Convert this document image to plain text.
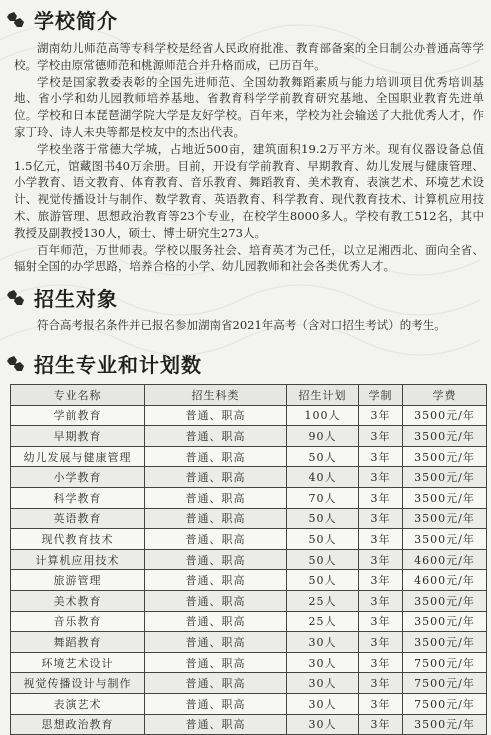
学校简介

湖南幼儿师范高等专科学校是经省人民政府批准、教育部备案的全日制公办普通高等学校。学校由原常德师范和桃源师范合并升格而成，已历百年。

学校是国家教委表彰的全国先进师范、全国幼教舞蹈素质与能力培训项目优秀培训基地、省小学和幼儿园教师培养基地、省教育科学学前教育研究基地、全国职业教育先进单位。学校和日本琵琶湖学院大学是友好学校。百年来，学校为社会输送了大批优秀人才，作家丁玲、诗人未央等都是校友中的杰出代表。

学校坐落于常德大学城，占地近500亩，建筑面积19.2万平方米。现有仪器设备总值1.5亿元，馆藏图书40万余册。目前，开设有学前教育、早期教育、幼儿发展与健康管理、小学教育、语文教育、体育教育、音乐教育、舞蹈教育、美术教育、表演艺术、环境艺术设计、视觉传播设计与制作、数学教育、英语教育、科学教育、现代教育技术、计算机应用技术、旅游管理、思想政治教育等23个专业，在校学生8000多人。学校有教工512名，其中教授及副教授130人，硕士、博士研究生273人。

百年师范，万世师表。学校以服务社会、培育英才为己任，以立足湘西北、面向全省、辐射全国的办学思路，培养合格的小学、幼儿园教师和社会各类优秀人才。

招生对象
符合高考报名条件并已报名参加湖南省2021年高考（含对口招生考试）的考生。
招生专业和计划数
专业名称	招生科类	招生计划	学制	学费
学前教育	普通、职高	100人	3年	3500元/年
早期教育	普通、职高	90人	3年	3500元/年
幼儿发展与健康管理	普通、职高	50人	3年	3500元/年
小学教育	普通、职高	40人	3年	3500元/年
科学教育	普通、职高	70人	3年	3500元/年
英语教育	普通、职高	50人	3年	3500元/年
现代教育技术	普通、职高	50人	3年	3500元/年
计算机应用技术	普通、职高	50人	3年	4600元/年
旅游管理	普通、职高	50人	3年	4600元/年
美术教育	普通、职高	25人	3年	3500元/年
音乐教育	普通、职高	25人	3年	3500元/年
舞蹈教育	普通、职高	30人	3年	3500元/年
环境艺术设计	普通、职高	30人	3年	7500元/年
视觉传播设计与制作	普通、职高	30人	3年	7500元/年
表演艺术	普通、职高	30人	3年	7500元/年
思想政治教育	普通、职高	30人	3年	3500元/年
